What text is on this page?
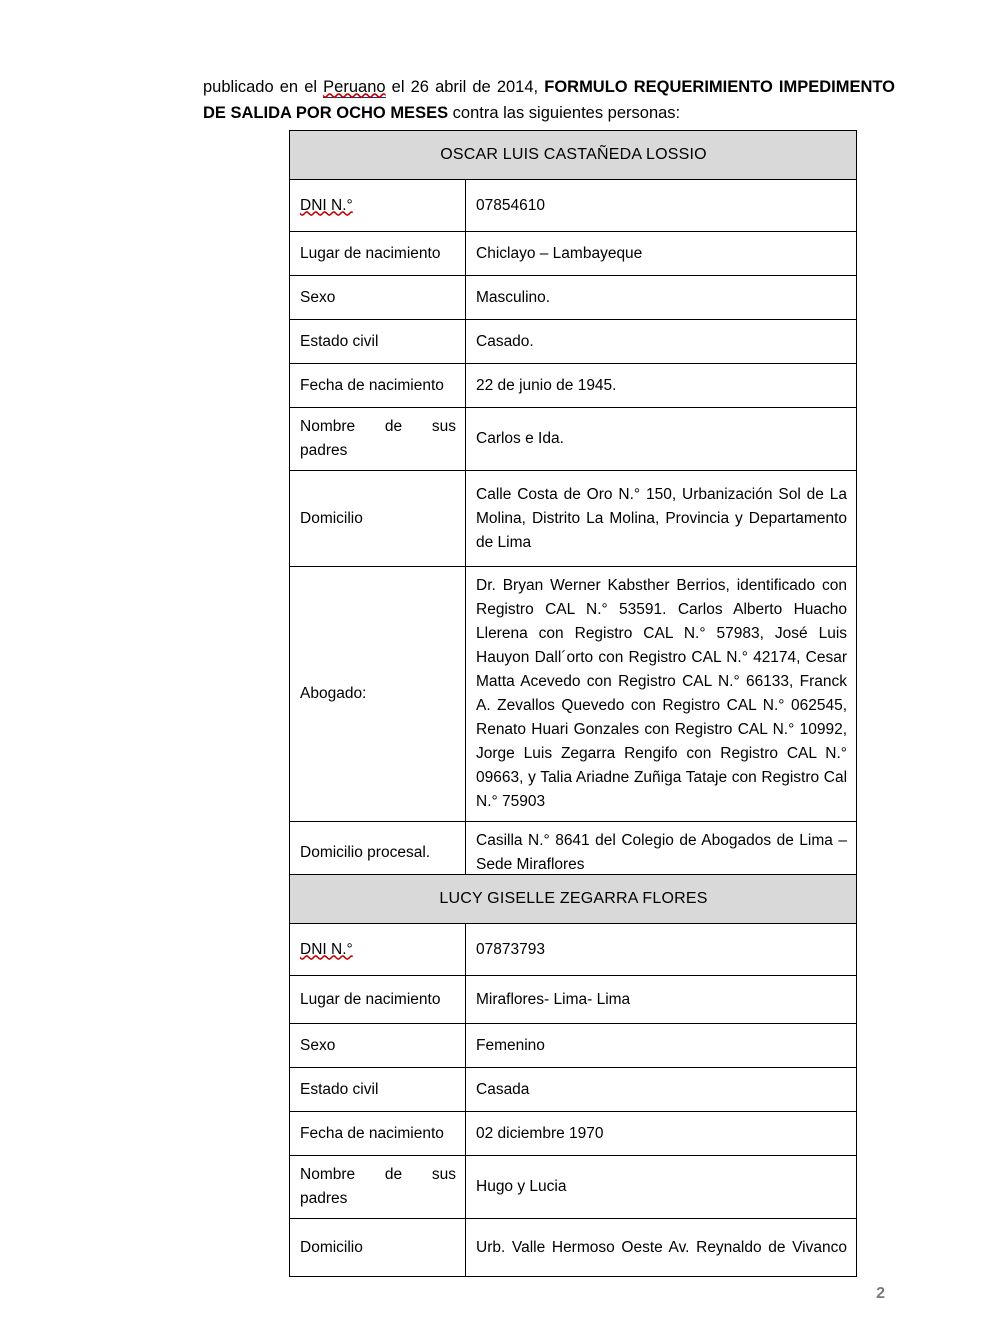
publicado en el Peruano el 26 abril de 2014, FORMULO REQUERIMIENTO IMPEDIMENTO DE SALIDA POR OCHO MESES contra las siguientes personas:

OSCAR LUIS CASTAÑEDA LOSSIO	
DNI N.°	07854610
Lugar de nacimiento	Chiclayo – Lambayeque
Sexo	Masculino.
Estado civil	Casado.
Fecha de nacimiento	22 de junio de 1945.
Nombre de sus padres	Carlos e Ida.
Domicilio	Calle Costa de Oro N.° 150, Urbanización Sol de La Molina, Distrito La Molina, Provincia y Departamento de Lima
Abogado:	Dr. Bryan Werner Kabsther Berrios, identificado con Registro CAL N.° 53591. Carlos Alberto Huacho Llerena con Registro CAL N.° 57983, José Luis Hauyon Dall´orto con Registro CAL N.° 42174, Cesar Matta Acevedo con Registro CAL N.° 66133, Franck A. Zevallos Quevedo con Registro CAL N.° 062545, Renato Huari Gonzales con Registro CAL N.° 10992, Jorge Luis Zegarra Rengifo con Registro CAL N.° 09663, y Talia Ariadne Zuñiga Tataje con Registro Cal N.° 75903
Domicilio procesal.	Casilla N.° 8641 del Colegio de Abogados de Lima – Sede Miraflores
LUCY GISELLE ZEGARRA FLORES	
DNI N.°	07873793
Lugar de nacimiento	Miraflores- Lima- Lima
Sexo	Femenino
Estado civil	Casada
Fecha de nacimiento	02 diciembre 1970
Nombre de sus padres	Hugo y Lucia
Domicilio	Urb. Valle Hermoso Oeste Av. Reynaldo de Vivanco
2
